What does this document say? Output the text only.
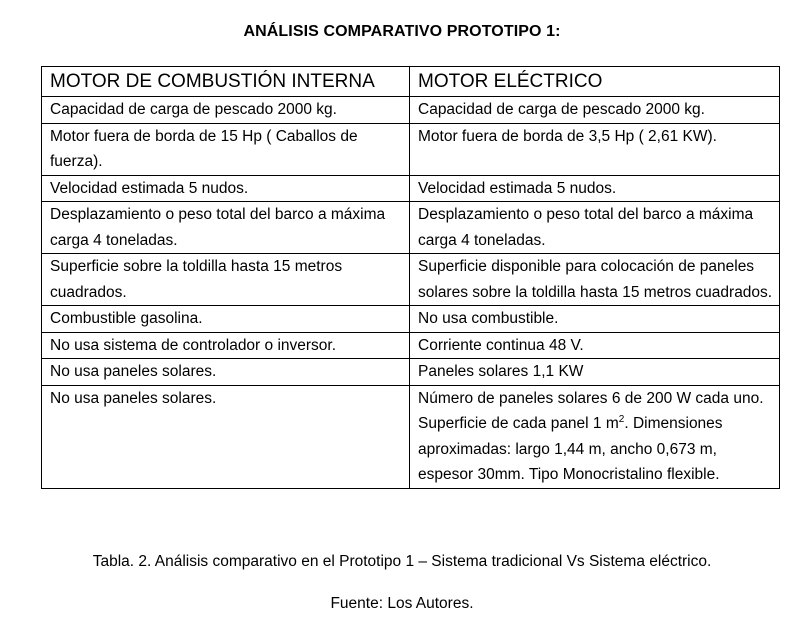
ANÁLISIS COMPARATIVO PROTOTIPO 1:
MOTOR DE COMBUSTIÓN INTERNA	MOTOR ELÉCTRICO
Capacidad de carga de pescado 2000 kg.	Capacidad de carga de pescado 2000 kg.
Motor fuera de borda de 15 Hp ( Caballos de fuerza).	Motor fuera de borda de 3,5 Hp ( 2,61 KW).
Velocidad estimada 5 nudos.	Velocidad estimada 5 nudos.
Desplazamiento o peso total del barco a máxima carga 4 toneladas.	Desplazamiento o peso total del barco a máxima carga 4 toneladas.
Superficie sobre la toldilla hasta 15 metros cuadrados.	Superficie disponible para colocación de paneles solares sobre la toldilla hasta 15 metros cuadrados.
Combustible gasolina.	No usa combustible.
No usa sistema de controlador o inversor.	Corriente continua 48 V.
No usa paneles solares.	Paneles solares 1,1 KW
No usa paneles solares.	Número de paneles solares 6 de 200 W cada uno. Superficie de cada panel 1 $m^2$. Dimensiones aproximadas: largo 1,44 m, ancho 0,673 m, espesor 30mm. Tipo Monocristalino flexible.
Tabla. 2. Análisis comparativo en el Prototipo 1 – Sistema tradicional Vs Sistema eléctrico.
Fuente: Los Autores.
